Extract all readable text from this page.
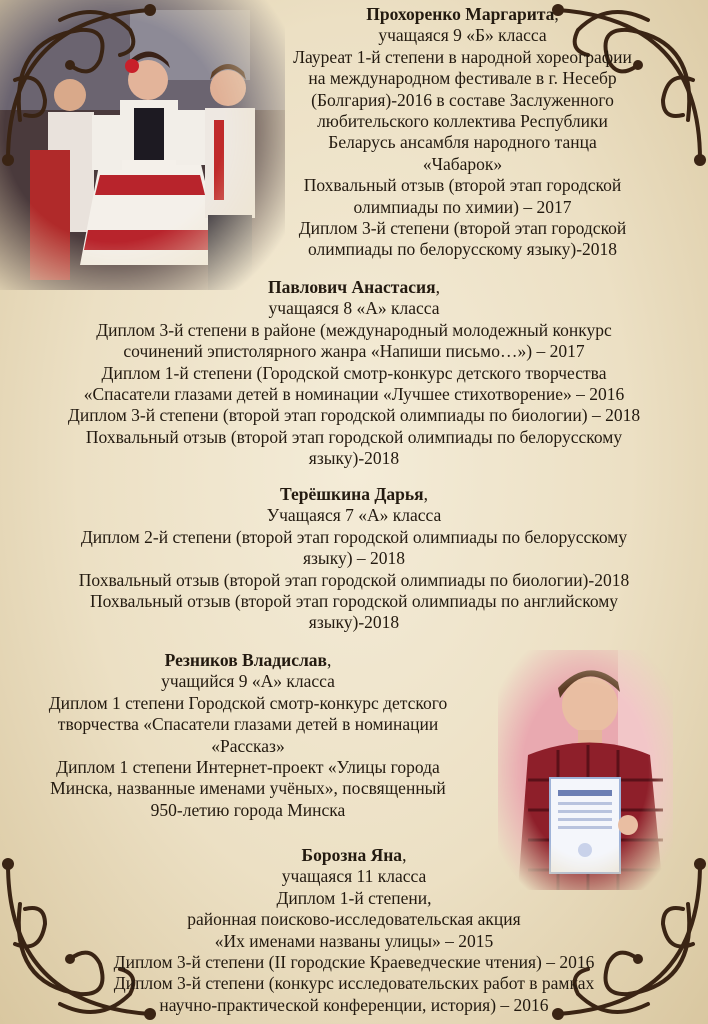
Прохоренко Маргарита,
учащаяся 9 «Б» класса
Лауреат 1-й степени в народной хореографии
на международном фестивале в г. Несебр
(Болгария)-2016 в составе Заслуженного
любительского коллектива Республики
Беларусь ансамбля народного танца
«Чабарок»
Похвальный отзыв (второй этап городской
олимпиады по химии) – 2017
Диплом 3-й степени (второй этап городской
олимпиады по белорусскому языку)-2018
Павлович Анастасия,
учащаяся 8 «А» класса
Диплом 3-й степени в районе (международный молодежный конкурс
сочинений эпистолярного жанра «Напиши письмо…») – 2017
Диплом 1-й степени (Городской смотр-конкурс детского творчества
«Спасатели глазами детей в номинации «Лучшее стихотворение» – 2016
Диплом 3-й степени (второй этап городской олимпиады по биологии) – 2018
Похвальный отзыв (второй этап городской олимпиады по белорусскому
языку)-2018
Терёшкина Дарья,
Учащаяся 7 «А» класса
Диплом 2-й степени (второй этап городской олимпиады по белорусскому
языку) – 2018
Похвальный отзыв (второй этап городской олимпиады по биологии)-2018
Похвальный отзыв (второй этап городской олимпиады по английскому
языку)-2018
Резников Владислав,
учащийся 9 «А» класса
Диплом 1 степени Городской смотр-конкурс детского
творчества «Спасатели глазами детей в номинации
«Рассказ»
Диплом 1 степени Интернет-проект «Улицы города
Минска, названные именами учёных», посвященный
950-летию города Минска
Борозна Яна,
учащаяся 11 класса
Диплом 1-й степени,
районная поисково-исследовательская акция
«Их именами названы улицы» – 2015
Диплом 3-й степени (II городские Краеведческие чтения) – 2016
Диплом 3-й степени (конкурс исследовательских работ в рамках
научно-практической конференции, история) – 2016
